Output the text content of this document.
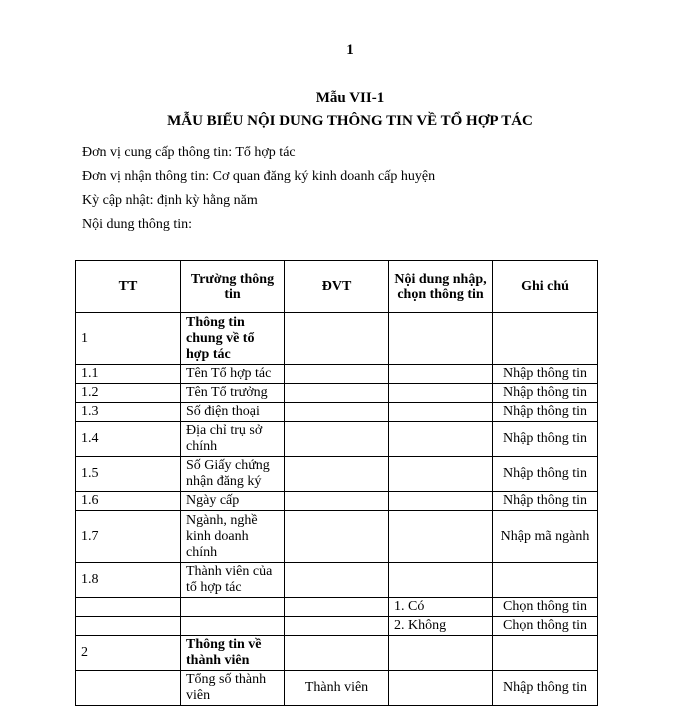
1
Mẫu VII-1
MẪU BIỂU NỘI DUNG THÔNG TIN VỀ TỔ HỢP TÁC
Đơn vị cung cấp thông tin: Tổ hợp tác
Đơn vị nhận thông tin: Cơ quan đăng ký kinh doanh cấp huyện
Kỳ cập nhật: định kỳ hằng năm
Nội dung thông tin:
TT	Trường thông tin	ĐVT	Nội dung nhập, chọn thông tin	Ghi chú
1	Thông tin chung về tổ hợp tác			
1.1	Tên Tổ hợp tác			Nhập thông tin
1.2	Tên Tổ trưởng			Nhập thông tin
1.3	Số điện thoại			Nhập thông tin
1.4	Địa chỉ trụ sở chính			Nhập thông tin
1.5	Số Giấy chứng nhận đăng ký			Nhập thông tin
1.6	Ngày cấp			Nhập thông tin
1.7	Ngành, nghề kinh doanh chính			Nhập mã ngành
1.8	Thành viên của tổ hợp tác			
			1. Có	Chọn thông tin
			2. Không	Chọn thông tin
2	Thông tin về thành viên			
	Tổng số thành viên	Thành viên		Nhập thông tin
